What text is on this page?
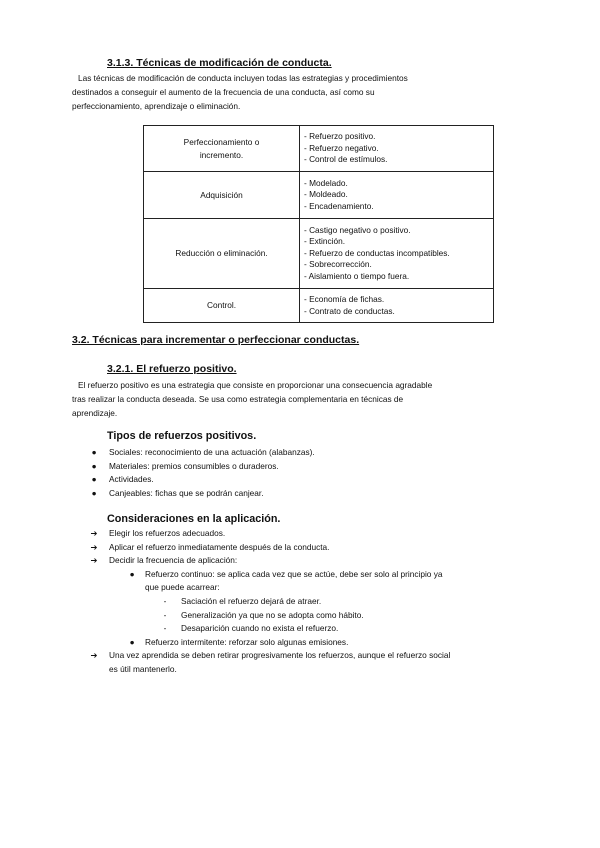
3.1.3. Técnicas de modificación de conducta.
Las técnicas de modificación de conducta incluyen todas las estrategias y procedimientos
destinados a conseguir el aumento de la frecuencia de una conducta, así como su
perfeccionamiento, aprendizaje o eliminación.
Perfeccionamiento o incremento.	- Refuerzo positivo.
- Refuerzo negativo.
- Control de estímulos.

Adquisición	- Modelado.
- Moldeado.
- Encadenamiento.

Reducción o eliminación.	- Castigo negativo o positivo.
- Extinción.
- Refuerzo de conductas incompatibles.
- Sobrecorrección.
- Aislamiento o tiempo fuera.

Control.	- Economía de fichas.
- Contrato de conductas.
3.2. Técnicas para incrementar o perfeccionar conductas.
3.2.1. El refuerzo positivo.
El refuerzo positivo es una estrategia que consiste en proporcionar una consecuencia agradable
tras realizar la conducta deseada. Se usa como estrategia complementaria en técnicas de
aprendizaje.
Tipos de refuerzos positivos.
●	Sociales: reconocimiento de una actuación (alabanzas).
●	Materiales: premios consumibles o duraderos.
●	Actividades.
●	Canjeables: fichas que se podrán canjear.
Consideraciones en la aplicación.
➔	Elegir los refuerzos adecuados.
➔	Aplicar el refuerzo inmediatamente después de la conducta.
➔	Decidir la frecuencia de aplicación:
●	Refuerzo continuo: se aplica cada vez que se actúe, debe ser solo al principio ya
que puede acarrear:
-	Saciación el refuerzo dejará de atraer.
-	Generalización ya que no se adopta como hábito.
-	Desaparición cuando no exista el refuerzo.
●	Refuerzo intermitente: reforzar solo algunas emisiones.
➔	Una vez aprendida se deben retirar progresivamente los refuerzos, aunque el refuerzo social
es útil mantenerlo.
